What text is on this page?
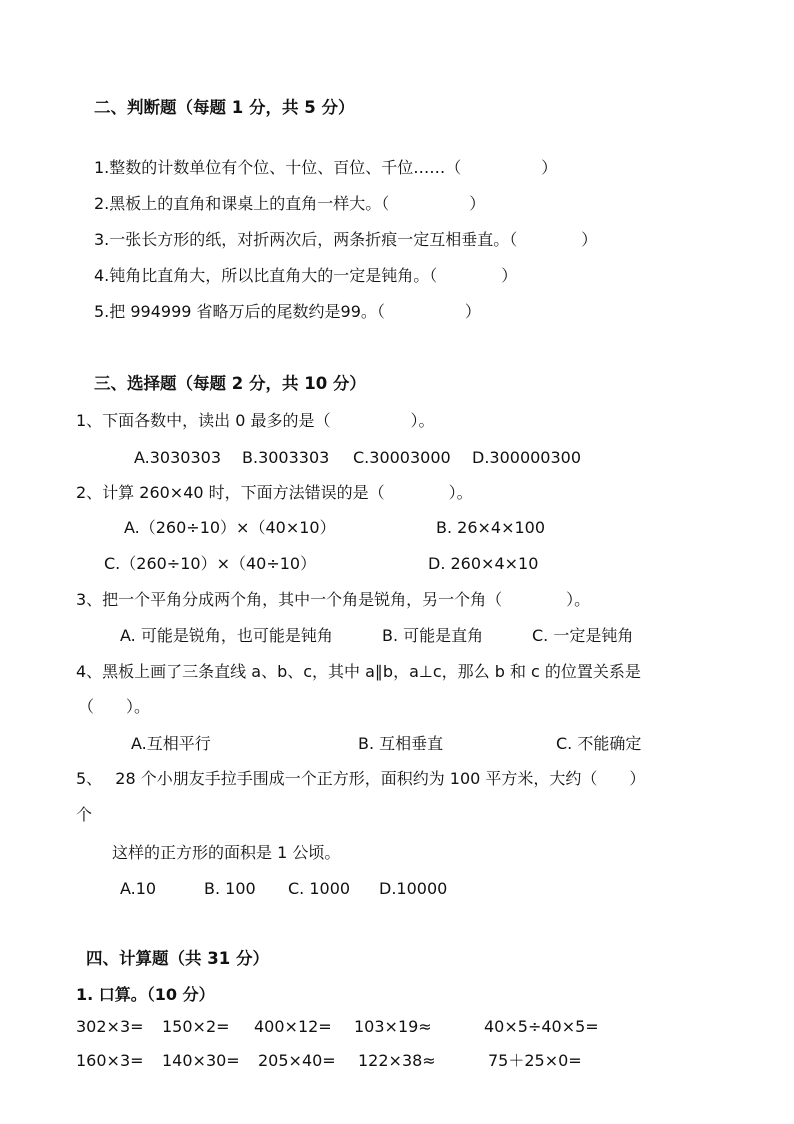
二、判断题（每题 1 分，共 5 分）
1.整数的计数单位有个位、十位、百位、千位……（　　　　　）
2.黑板上的直角和课桌上的直角一样大。（　　　　　）
3.一张长方形的纸，对折两次后，两条折痕一定互相垂直。（　　　　）
4.钝角比直角大，所以比直角大的一定是钝角。（　　　　）
5.把 994999 省略万后的尾数约是99。（　　　　　）
三、选择题（每题 2 分，共 10 分）
1、下面各数中，读出 0 最多的是（　　　　　）。
A.3030303 B.3003303 C.30003000 D.300000300
2、计算 260×40 时，下面方法错误的是（　　　　）。
A.（260÷10）×（40×10）	B. 26×4×100
C.（260÷10）×（40÷10）	D. 260×4×10
3、把一个平角分成两个角，其中一个角是锐角，另一个角（　　　　）。
A. 可能是锐角，也可能是钝角	B. 可能是直角	C. 一定是钝角
4、黑板上画了三条直线 a、b、c，其中 a∥b，a⊥c，那么 b 和 c 的位置关系是
（　　）。
A.互相平行	B. 互相垂直	C. 不能确定
5、　 28 个小朋友手拉手围成一个正方形，面积约为 100 平方米，大约（　　）
个
这样的正方形的面积是 1 公顷。
A.10	B. 100 C. 1000 D.10000
四、计算题（共 31 分）
1. 口算。（10 分）
302×3= 150×2= 400×12= 103×19≈	40×5÷40×5=
160×3= 140×30= 205×40= 122×38≈	75＋25×0=
